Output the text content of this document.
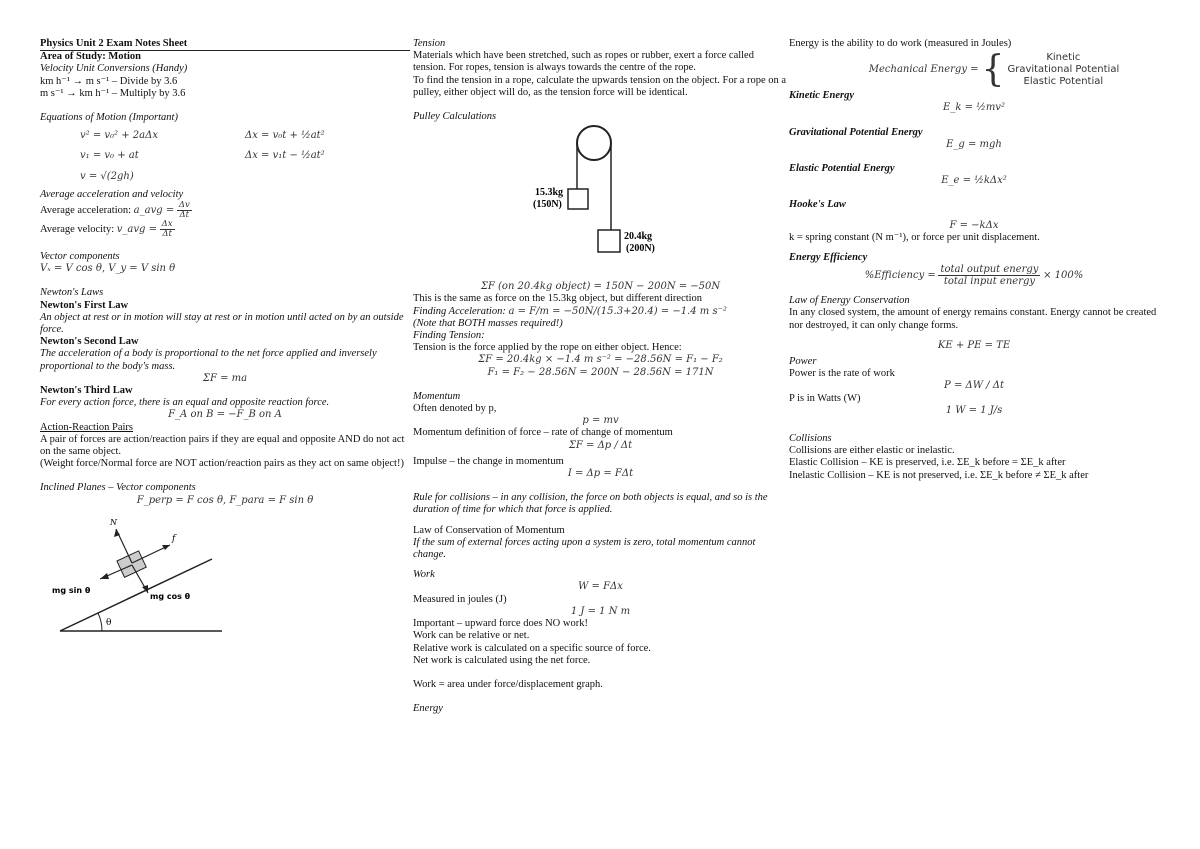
Physics Unit 2 Exam Notes Sheet
Area of Study: Motion
Velocity Unit Conversions (Handy)
km h⁻¹ → m s⁻¹ – Divide by 3.6
m s⁻¹ → km h⁻¹ – Multiply by 3.6
Equations of Motion (Important)
v² = v₀² + 2aΔx	Δx = v₀t + ½at²
v₁ = v₀ + at	Δx = v₁t − ½at²
v = √(2gh)
Average acceleration and velocity
Average acceleration: a_avg = $\frac{\Delta v}{\Delta t}$
Average velocity: v_avg = $\frac{\Delta x}{\Delta t}$
Vector components
Vₓ = V cos θ, V_y = V sin θ
Newton's Laws
Newton's First Law
An object at rest or in motion will stay at rest or in motion until acted on by an outside force.
Newton's Second Law
The acceleration of a body is proportional to the net force applied and inversely proportional to the body's mass.
ΣF = ma
Newton's Third Law
For every action force, there is an equal and opposite reaction force.
F_A on B = −F_B on A
Action-Reaction Pairs
A pair of forces are action/reaction pairs if they are equal and opposite AND do not act on the same object.
(Weight force/Normal force are NOT action/reaction pairs as they act on same object!)
Inclined Planes – Vector components
F_perp = F cos θ, F_para = F sin θ
θ
N
f
mg sin θ
mg cos θ
Tension
Materials which have been stretched, such as ropes or rubber, exert a force called tension. For ropes, tension is always towards the centre of the rope.
To find the tension in a rope, calculate the upwards tension on the object. For a rope on a pulley, either object will do, as the tension force will be identical.
Pulley Calculations
15.3kg
(150N)
20.4kg
(200N)
ΣF (on 20.4kg object) = 150N − 200N = −50N
This is the same as force on the 15.3kg object, but different direction
Finding Acceleration: a = F/m = −50N/(15.3+20.4) = −1.4 m s⁻²
(Note that BOTH masses required!)
Finding Tension:
Tension is the force applied by the rope on either object. Hence:
ΣF = 20.4kg × −1.4 m s⁻² = −28.56N = F₁ − F₂
F₁ = F₂ − 28.56N = 200N − 28.56N = 171N
Momentum
Often denoted by p,
p = mv
Momentum definition of force – rate of change of momentum
ΣF = Δp / Δt
Impulse – the change in momentum
I = Δp = FΔt
Rule for collisions – in any collision, the force on both objects is equal, and so is the duration of time for which that force is applied.
Law of Conservation of Momentum
If the sum of external forces acting upon a system is zero, total momentum cannot change.
Work
W = FΔx
Measured in joules (J)
1 J = 1 N m
Important – upward force does NO work!
Work can be relative or net.
Relative work is calculated on a specific source of force.
Net work is calculated using the net force.
Work = area under force/displacement graph.
Energy
Energy is the ability to do work (measured in Joules)
Mechanical Energy = {	Kinetic
Gravitational Potential
Elastic Potential
Kinetic Energy
E_k = ½mv²
Gravitational Potential Energy
E_g = mgh
Elastic Potential Energy
E_e = ½kΔx²
Hooke's Law
F = −kΔx
k = spring constant (N m⁻¹), or force per unit displacement.
Energy Efficiency
%Efficiency = $\frac{\text{total output energy}}{\text{total input energy}} \times 100\%$
Law of Energy Conservation
In any closed system, the amount of energy remains constant. Energy cannot be created nor destroyed, it can only change forms.
KE + PE = TE
Power
Power is the rate of work
P = ΔW / Δt
P is in Watts (W)
1 W = 1 J/s
Collisions
Collisions are either elastic or inelastic.
Elastic Collision – KE is preserved, i.e. ΣE_k before = ΣE_k after
Inelastic Collision – KE is not preserved, i.e. ΣE_k before ≠ ΣE_k after
